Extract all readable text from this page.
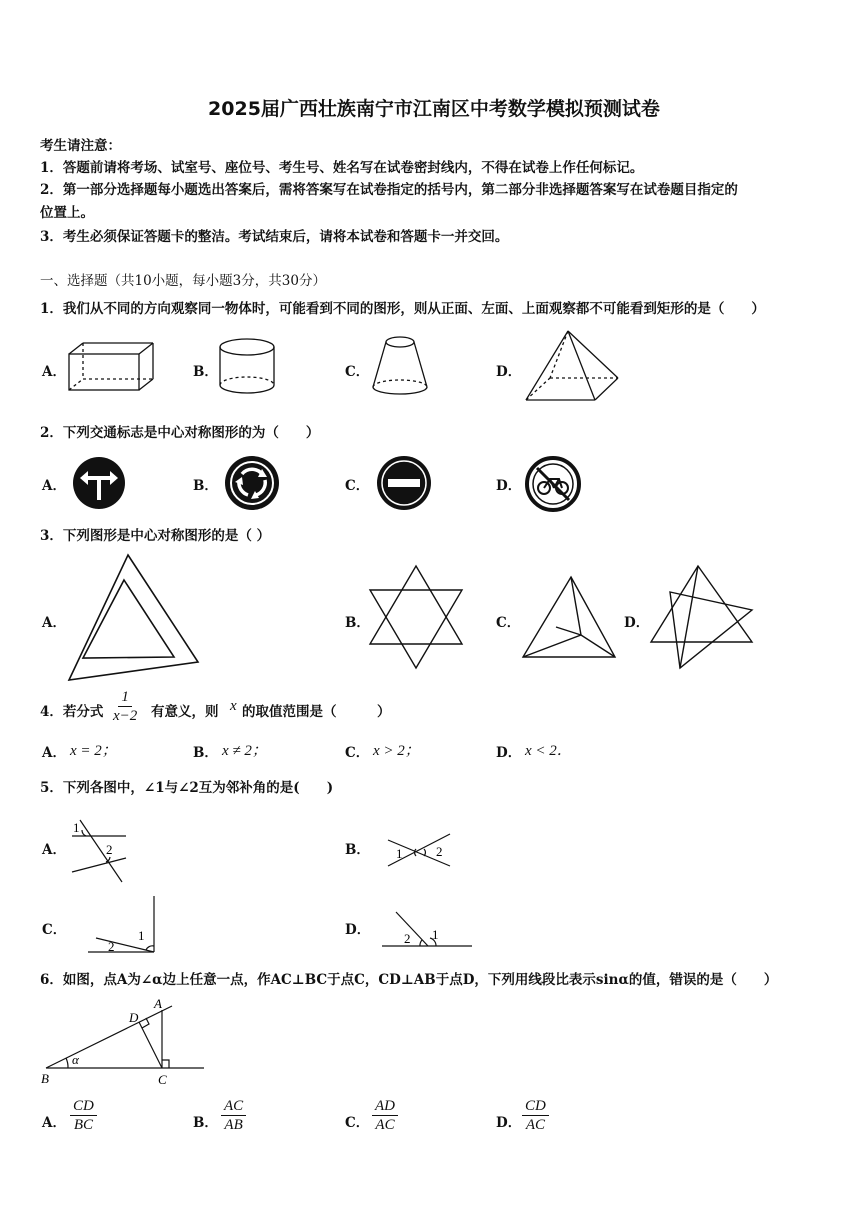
2025届广西壮族南宁市江南区中考数学模拟预测试卷
考生请注意：
1．答题前请将考场、试室号、座位号、考生号、姓名写在试卷密封线内，不得在试卷上作任何标记。
2．第一部分选择题每小题选出答案后，需将答案写在试卷指定的括号内，第二部分非选择题答案写在试卷题目指定的
位置上。
3．考生必须保证答题卡的整洁。考试结束后，请将本试卷和答题卡一并交回。
一、选择题（共10小题，每小题3分，共30分）
1．我们从不同的方向观察同一物体时，可能看到不同的图形，则从正面、左面、上面观察都不可能看到矩形的是（　　）
A．	B．	C．	D．
2．下列交通标志是中心对称图形的为（　　）
A．	B．	C．	D．
3．下列图形是中心对称图形的是（ ）
A．	B．	C．	D．
4．若分式 $\frac{1}{x-2}$ 有意义，则 x 的取值范围是（　　　）
A． x = 2；	B． x ≠ 2；	C． x > 2；	D． x < 2．
5．下列各图中，∠1与∠2互为邻补角的是(　　)
A．	B．
C．	D．
1
2	1	2
1
2
2 1
6．如图，点A为∠α边上任意一点，作AC⊥BC于点C，CD⊥AB于点D，下列用线段比表示sinα的值，错误的是（　　）
B	C
D
A
α
A． $\frac{CD}{BC}$	B． $\frac{AC}{AB}$	C． $\frac{AD}{AC}$	D． $\frac{CD}{AC}$
